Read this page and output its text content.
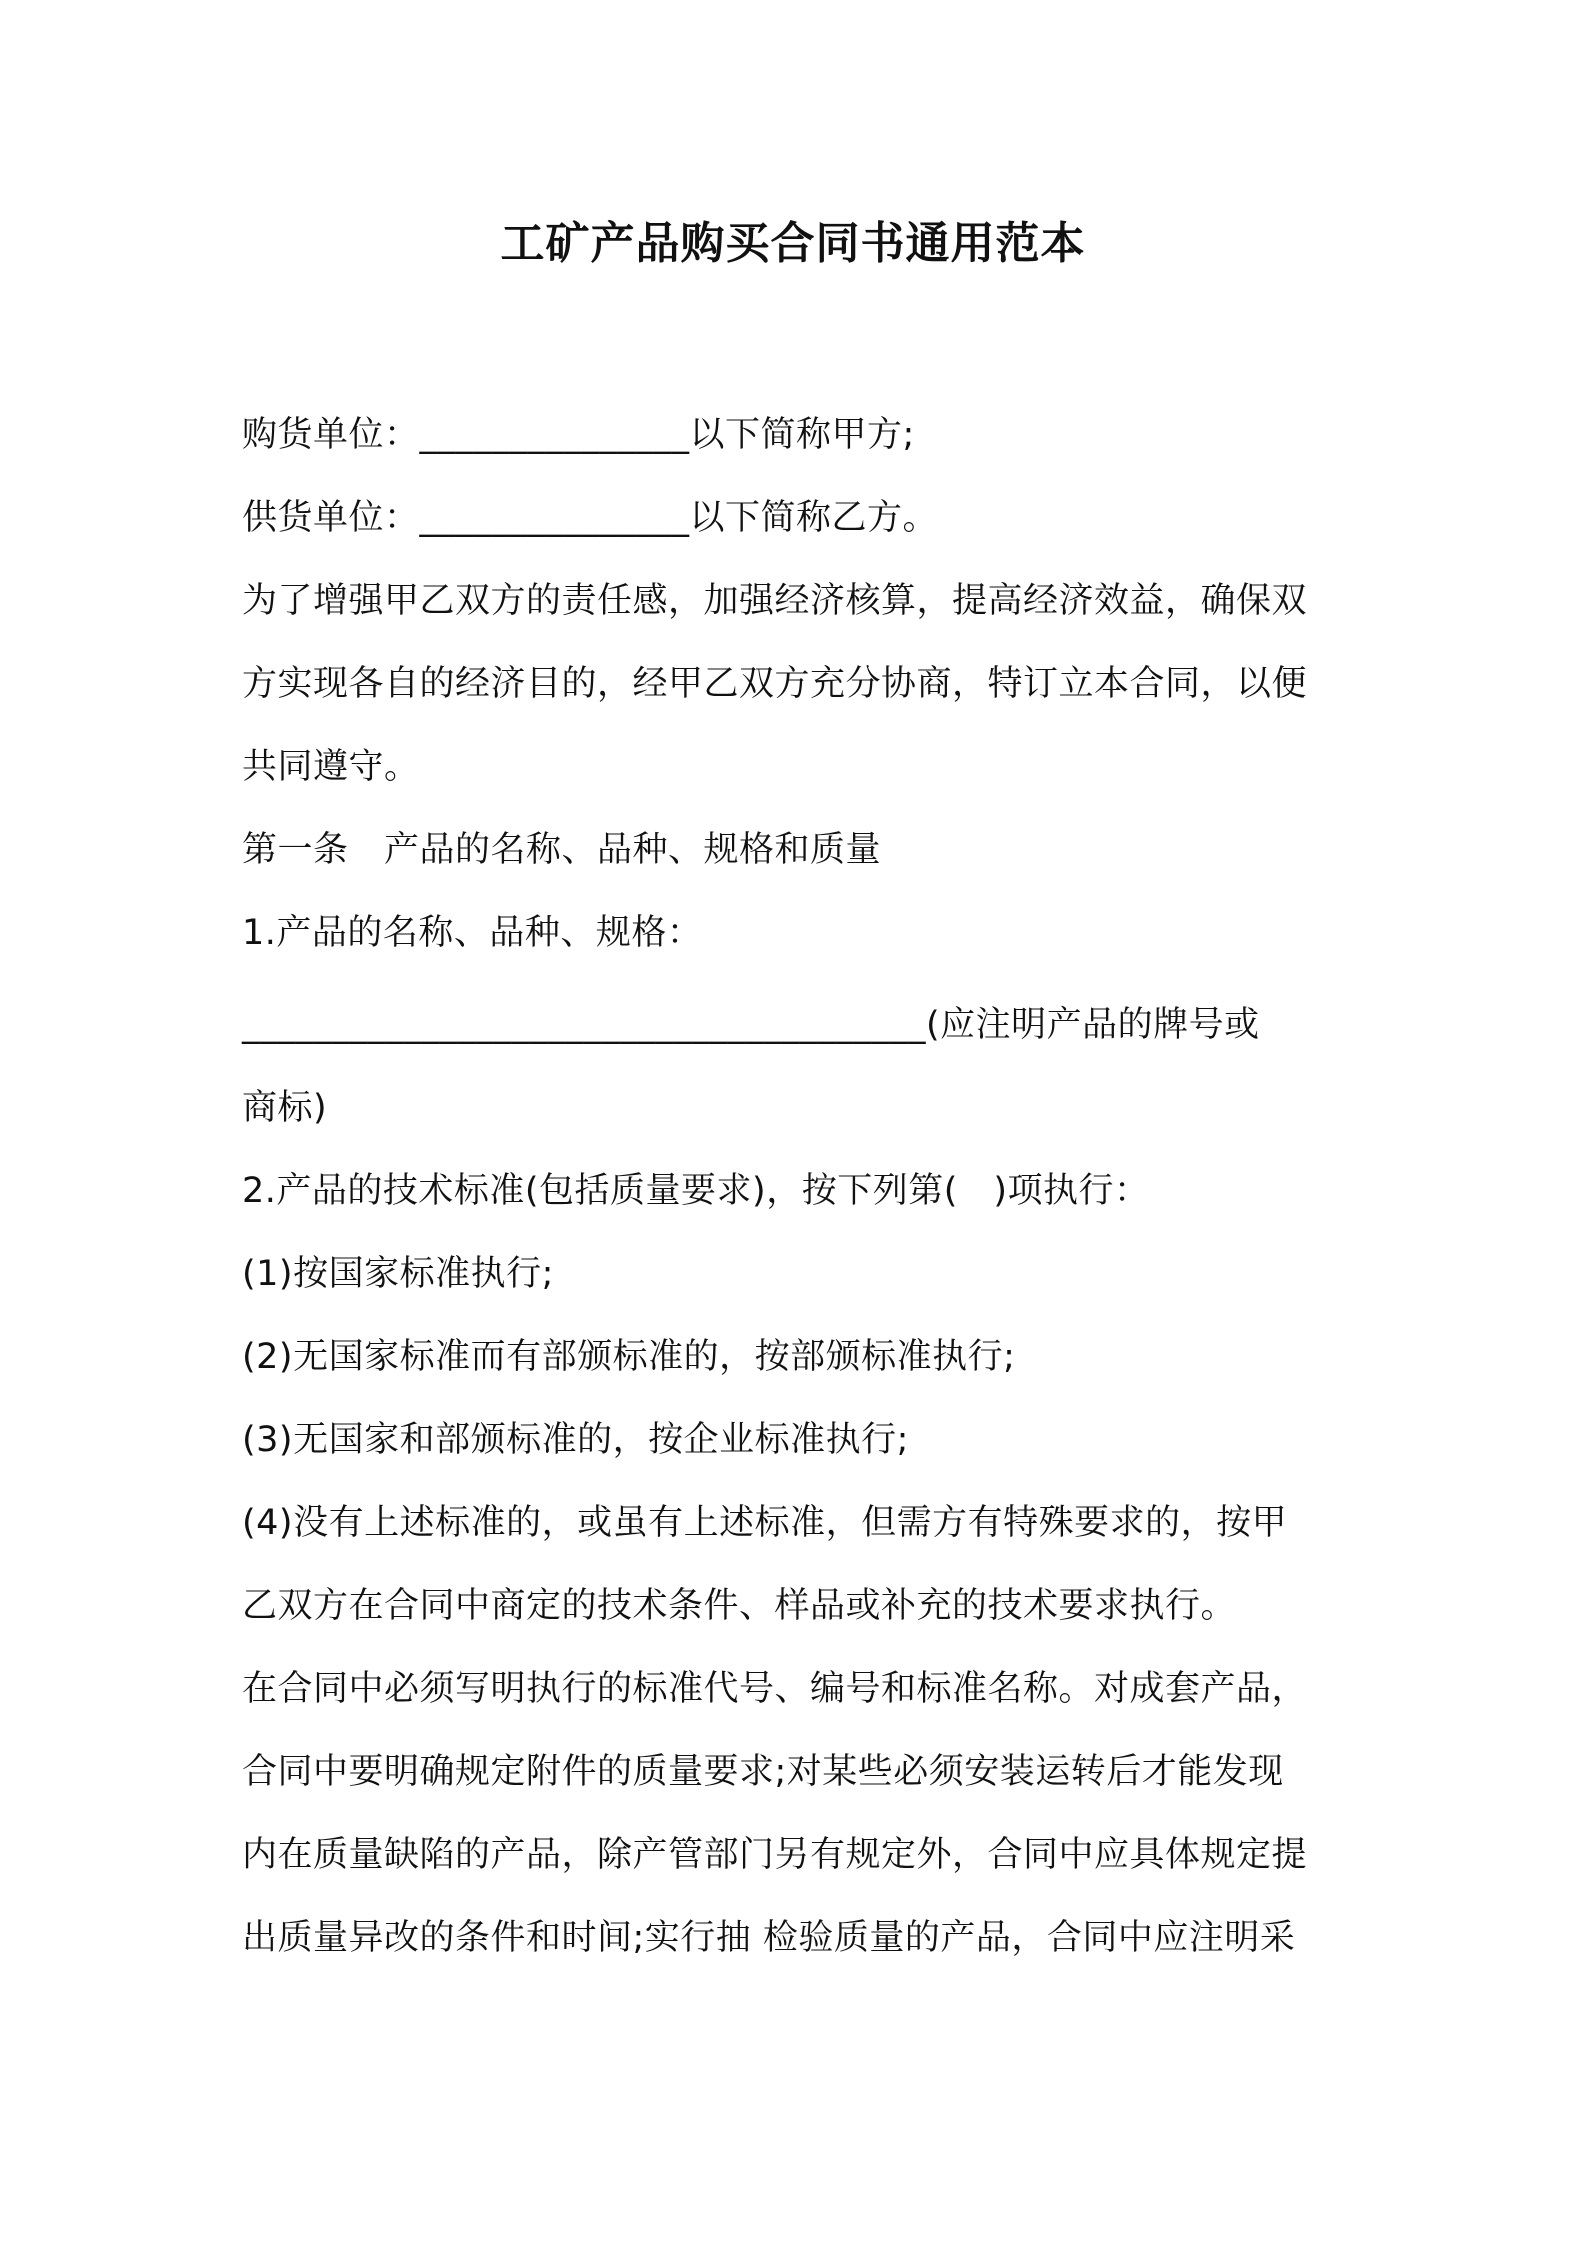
工矿产品购买合同书通用范本
购货单位：_______________以下简称甲方;
供货单位：_______________以下简称乙方。
为了增强甲乙双方的责任感，加强经济核算，提高经济效益，确保双
方实现各自的经济目的，经甲乙双方充分协商，特订立本合同，以便
共同遵守。
第一条　产品的名称、品种、规格和质量
1.产品的名称、品种、规格：
______________________________________(应注明产品的牌号或
商标)
2.产品的技术标准(包括质量要求)，按下列第(　)项执行：
(1)按国家标准执行;
(2)无国家标准而有部颁标准的，按部颁标准执行;
(3)无国家和部颁标准的，按企业标准执行;
(4)没有上述标准的，或虽有上述标准，但需方有特殊要求的，按甲
乙双方在合同中商定的技术条件、样品或补充的技术要求执行。
在合同中必须写明执行的标准代号、编号和标准名称。对成套产品，
合同中要明确规定附件的质量要求;对某些必须安装运转后才能发现
内在质量缺陷的产品，除产管部门另有规定外，合同中应具体规定提
出质量异改的条件和时间;实行抽 检验质量的产品，合同中应注明采
